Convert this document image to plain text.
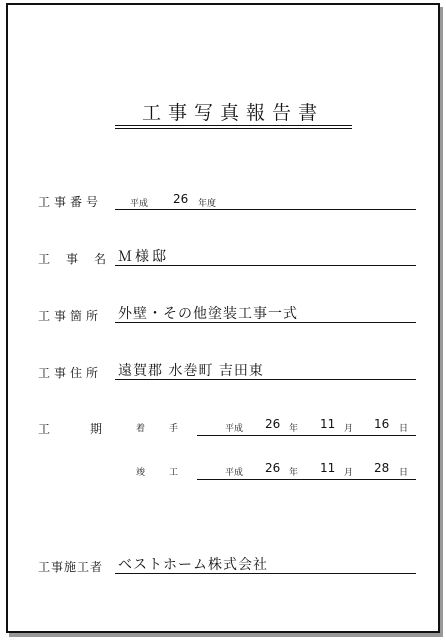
工事写真報告書
工事番号	平成 26 年度
工　事　名 Ｍ様邸
工事箇所 外壁・その他塗装工事一式
工事住所 遠賀郡 水巻町 吉田東
工　　　期	着　　手	平成 26 年 11 月 16 日
竣　　工	平成 26 年 11 月 28 日
工事施工者 ベストホーム株式会社
